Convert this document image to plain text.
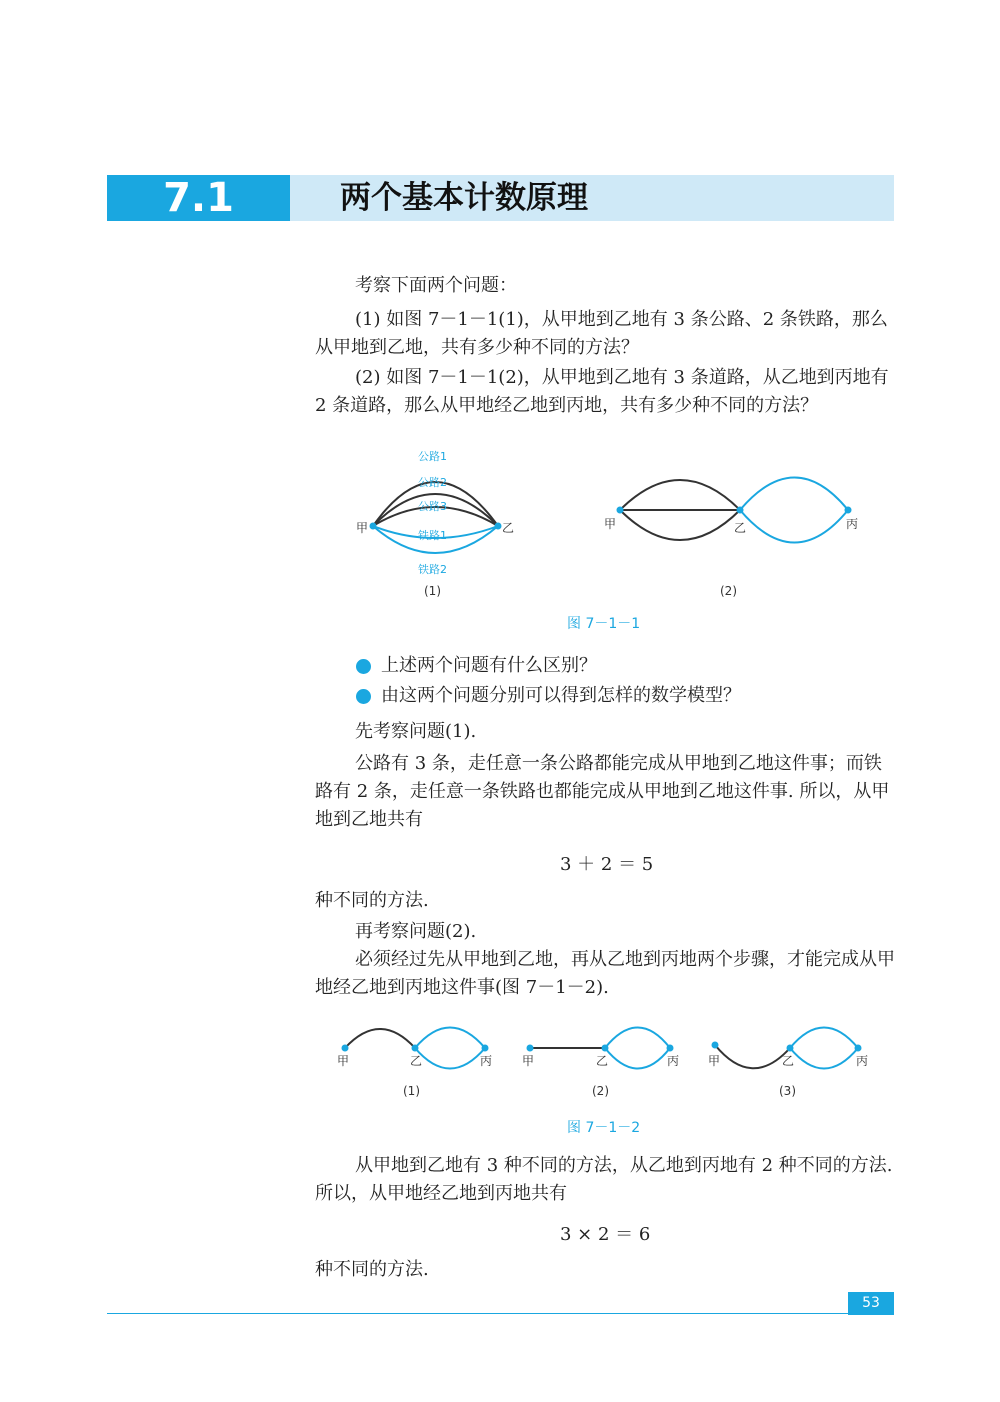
7.1	两个基本计数原理
考察下面两个问题：
(1) 如图 7－1－1(1)，从甲地到乙地有 3 条公路、2 条铁路，那么从甲地到乙地，共有多少种不同的方法？
(2) 如图 7－1－1(2)，从甲地到乙地有 3 条道路，从乙地到丙地有 2 条道路，那么从甲地经乙地到丙地，共有多少种不同的方法？
甲	乙
公路1
公路2
公路3
铁路1
铁路2
(1)
甲	乙	丙
(2)
图 7－1－1
上述两个问题有什么区别？
由这两个问题分别可以得到怎样的数学模型？
先考察问题(1).
公路有 3 条，走任意一条公路都能完成从甲地到乙地这件事；而铁路有 2 条，走任意一条铁路也都能完成从甲地到乙地这件事. 所以，从甲地到乙地共有
3 ＋ 2 ＝ 5
种不同的方法.
再考察问题(2).
必须经过先从甲地到乙地，再从乙地到丙地两个步骤，才能完成从甲地经乙地到丙地这件事(图 7－1－2).
甲	乙	丙
(1)
甲	乙	丙
(2)
甲	乙	丙
(3)
图 7－1－2
从甲地到乙地有 3 种不同的方法，从乙地到丙地有 2 种不同的方法. 所以，从甲地经乙地到丙地共有
3 × 2 ＝ 6
种不同的方法.
53
